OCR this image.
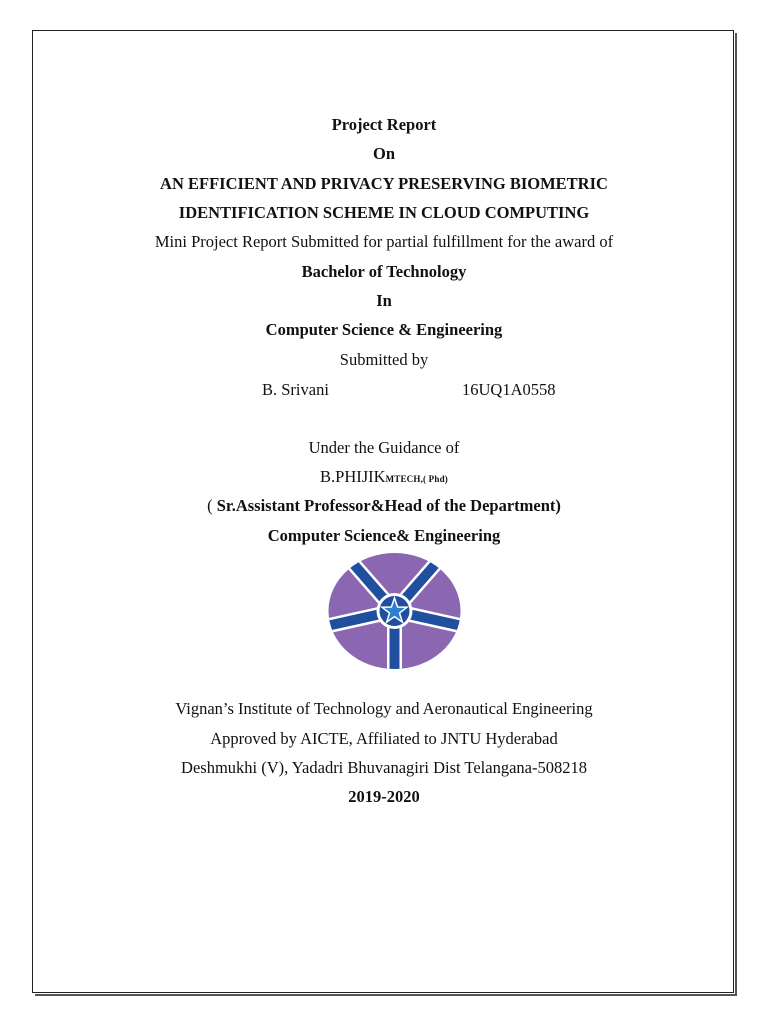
Project Report
On
AN EFFICIENT AND PRIVACY PRESERVING BIOMETRIC
IDENTIFICATION SCHEME IN CLOUD COMPUTING
Mini Project Report Submitted for partial fulfillment for the award of
Bachelor of Technology
In
Computer Science & Engineering
Submitted by
B. Srivani	16UQ1A0558
Under the Guidance of
B.PHIJIKMTECH,( Phd)
( Sr.Assistant Professor&Head of the Department)
Computer Science& Engineering
Vignan’s Institute of Technology and Aeronautical Engineering
Approved by AICTE, Affiliated to JNTU Hyderabad
Deshmukhi (V), Yadadri Bhuvanagiri Dist Telangana-508218
2019-2020
